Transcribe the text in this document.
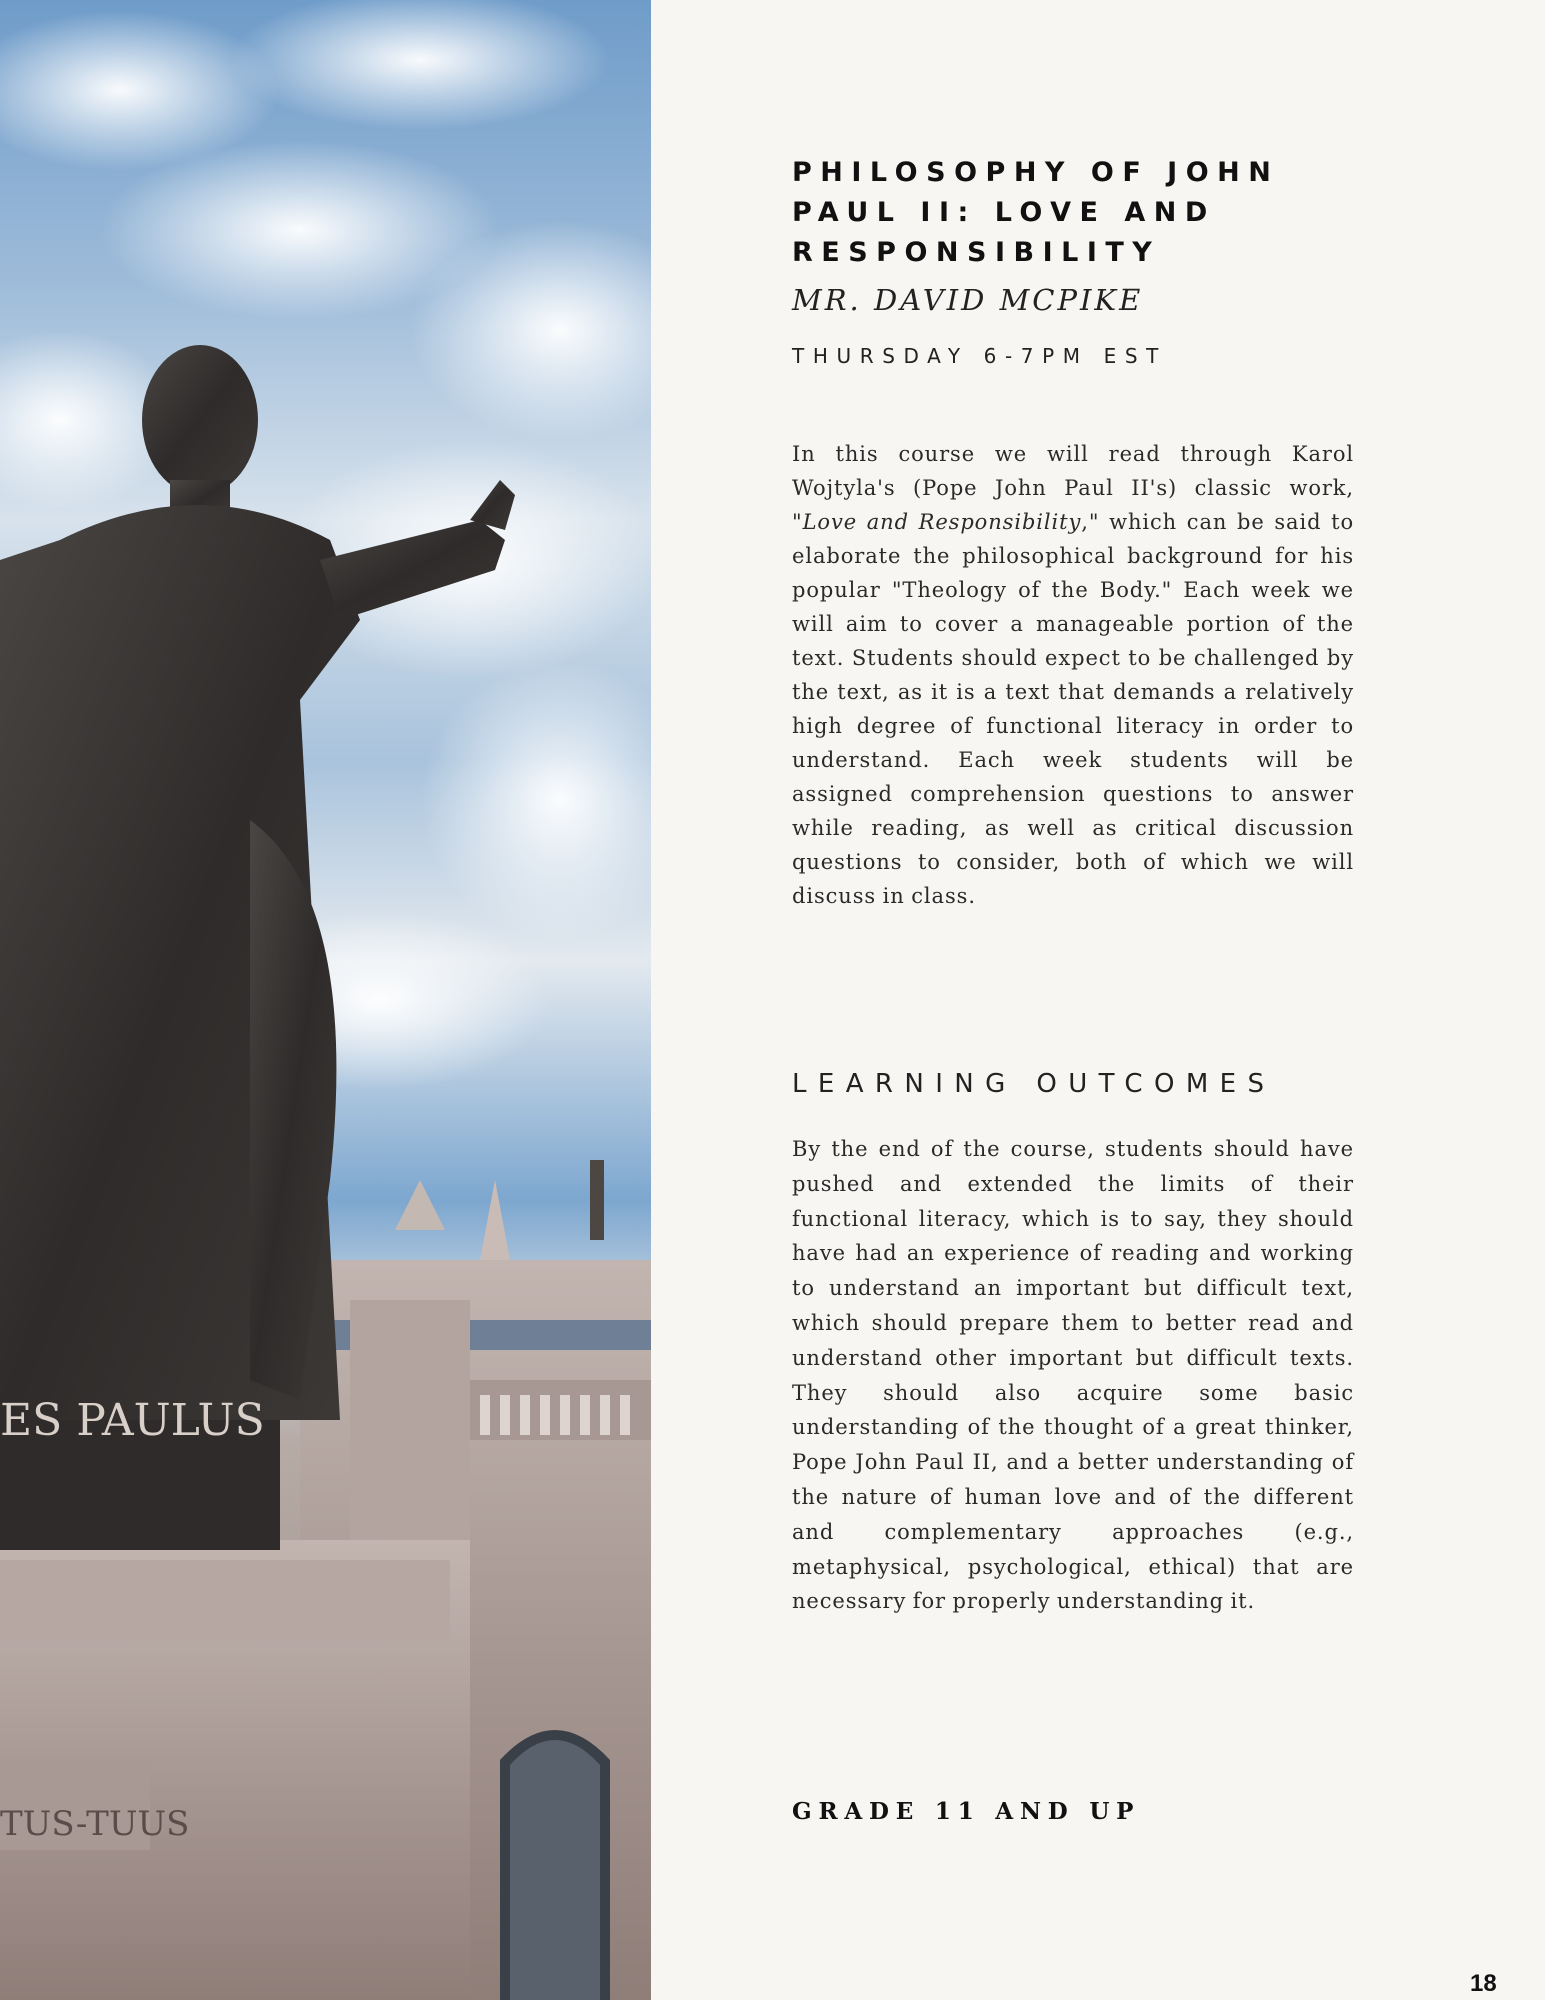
ES PAULUS
TUS-TUUS
PHILOSOPHY OF JOHN PAUL II: LOVE AND RESPONSIBILITY

MR. DAVID MCPIKE

THURSDAY 6-7PM EST

In this course we will read through Karol Wojtyla's (Pope John Paul II's) classic work, "Love and Responsibility," which can be said to elaborate the philosophical background for his popular "Theology of the Body." Each week we will aim to cover a manageable portion of the text. Students should expect to be challenged by the text, as it is a text that demands a relatively high degree of functional literacy in order to understand. Each week students will be assigned comprehension questions to answer while reading, as well as critical discussion questions to consider, both of which we will discuss in class.

LEARNING OUTCOMES

By the end of the course, students should have pushed and extended the limits of their functional literacy, which is to say, they should have had an experience of reading and working to understand an important but difficult text, which should prepare them to better read and understand other important but difficult texts. They should also acquire some basic understanding of the thought of a great thinker, Pope John Paul II, and a better understanding of the nature of human love and of the different and complementary approaches (e.g., metaphysical, psychological, ethical) that are necessary for properly understanding it.

GRADE 11 AND UP

18
